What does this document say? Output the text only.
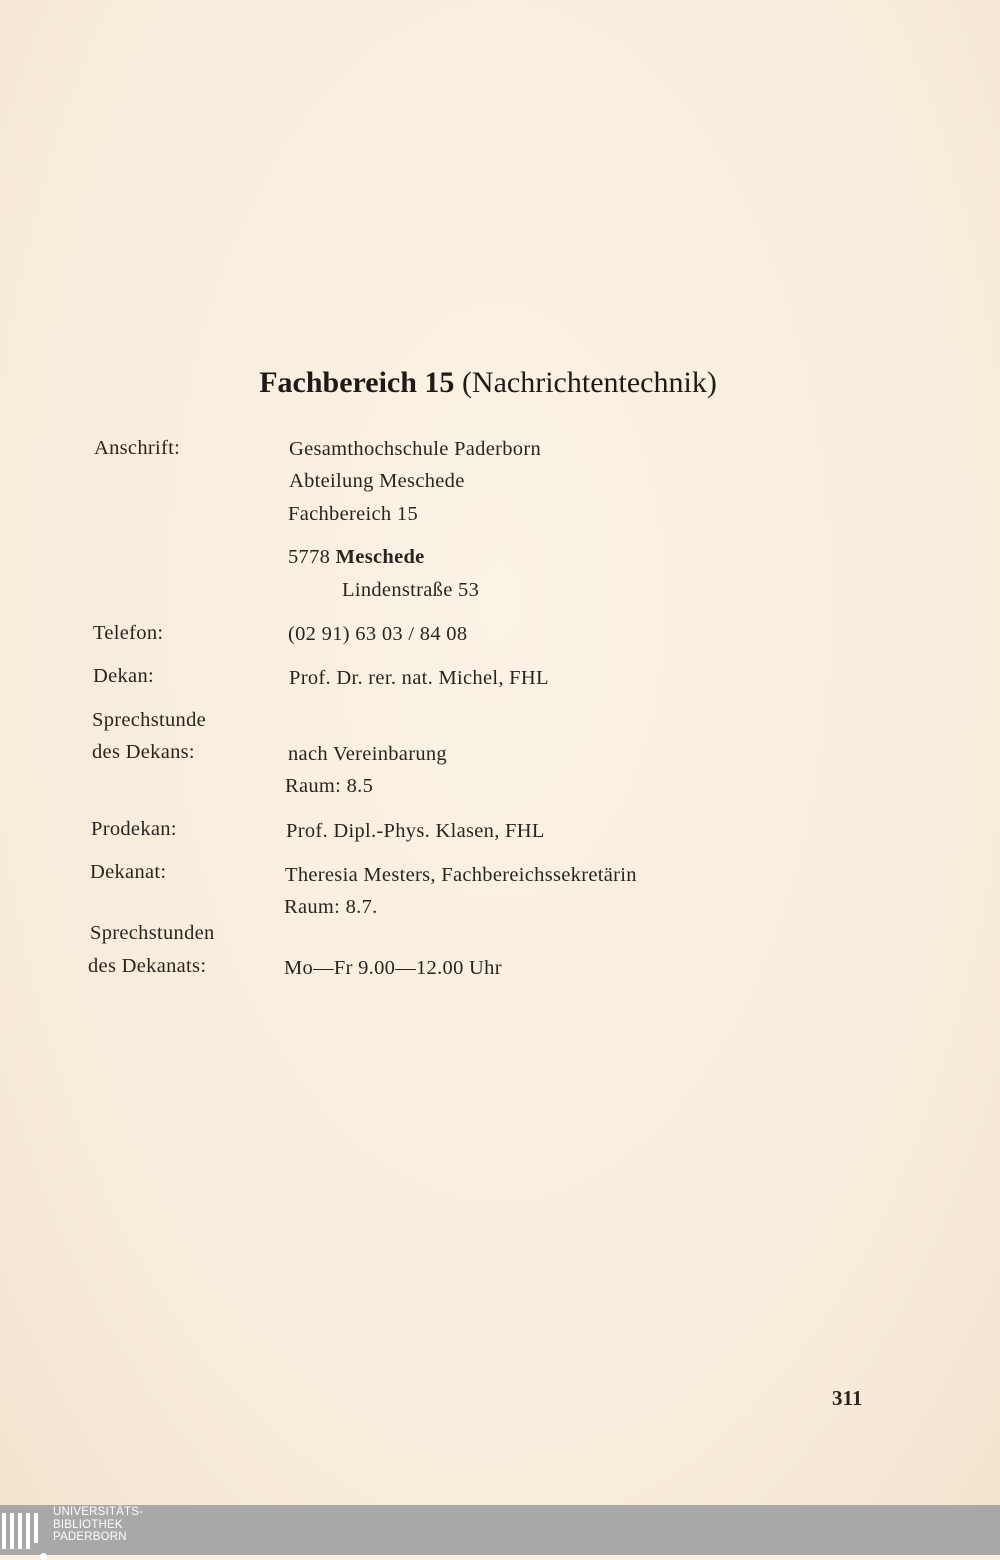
Fachbereich 15 (Nachrichtentechnik)
Anschrift:	Gesamthochschule Paderborn
Abteilung Meschede
Fachbereich 15
5778 Meschede
Lindenstraße 53
Telefon:	(02 91) 63 03 / 84 08
Dekan:	Prof. Dr. rer. nat. Michel, FHL
Sprechstunde
des Dekans:	nach Vereinbarung
Raum: 8.5
Prodekan:	Prof. Dipl.-Phys. Klasen, FHL
Dekanat:	Theresia Mesters, Fachbereichssekretärin
Raum: 8.7.
Sprechstunden
des Dekanats:	Mo—Fr 9.00—12.00 Uhr
311
UNIVERSITÄTS-
BIBLIOTHEK
PADERBORN
